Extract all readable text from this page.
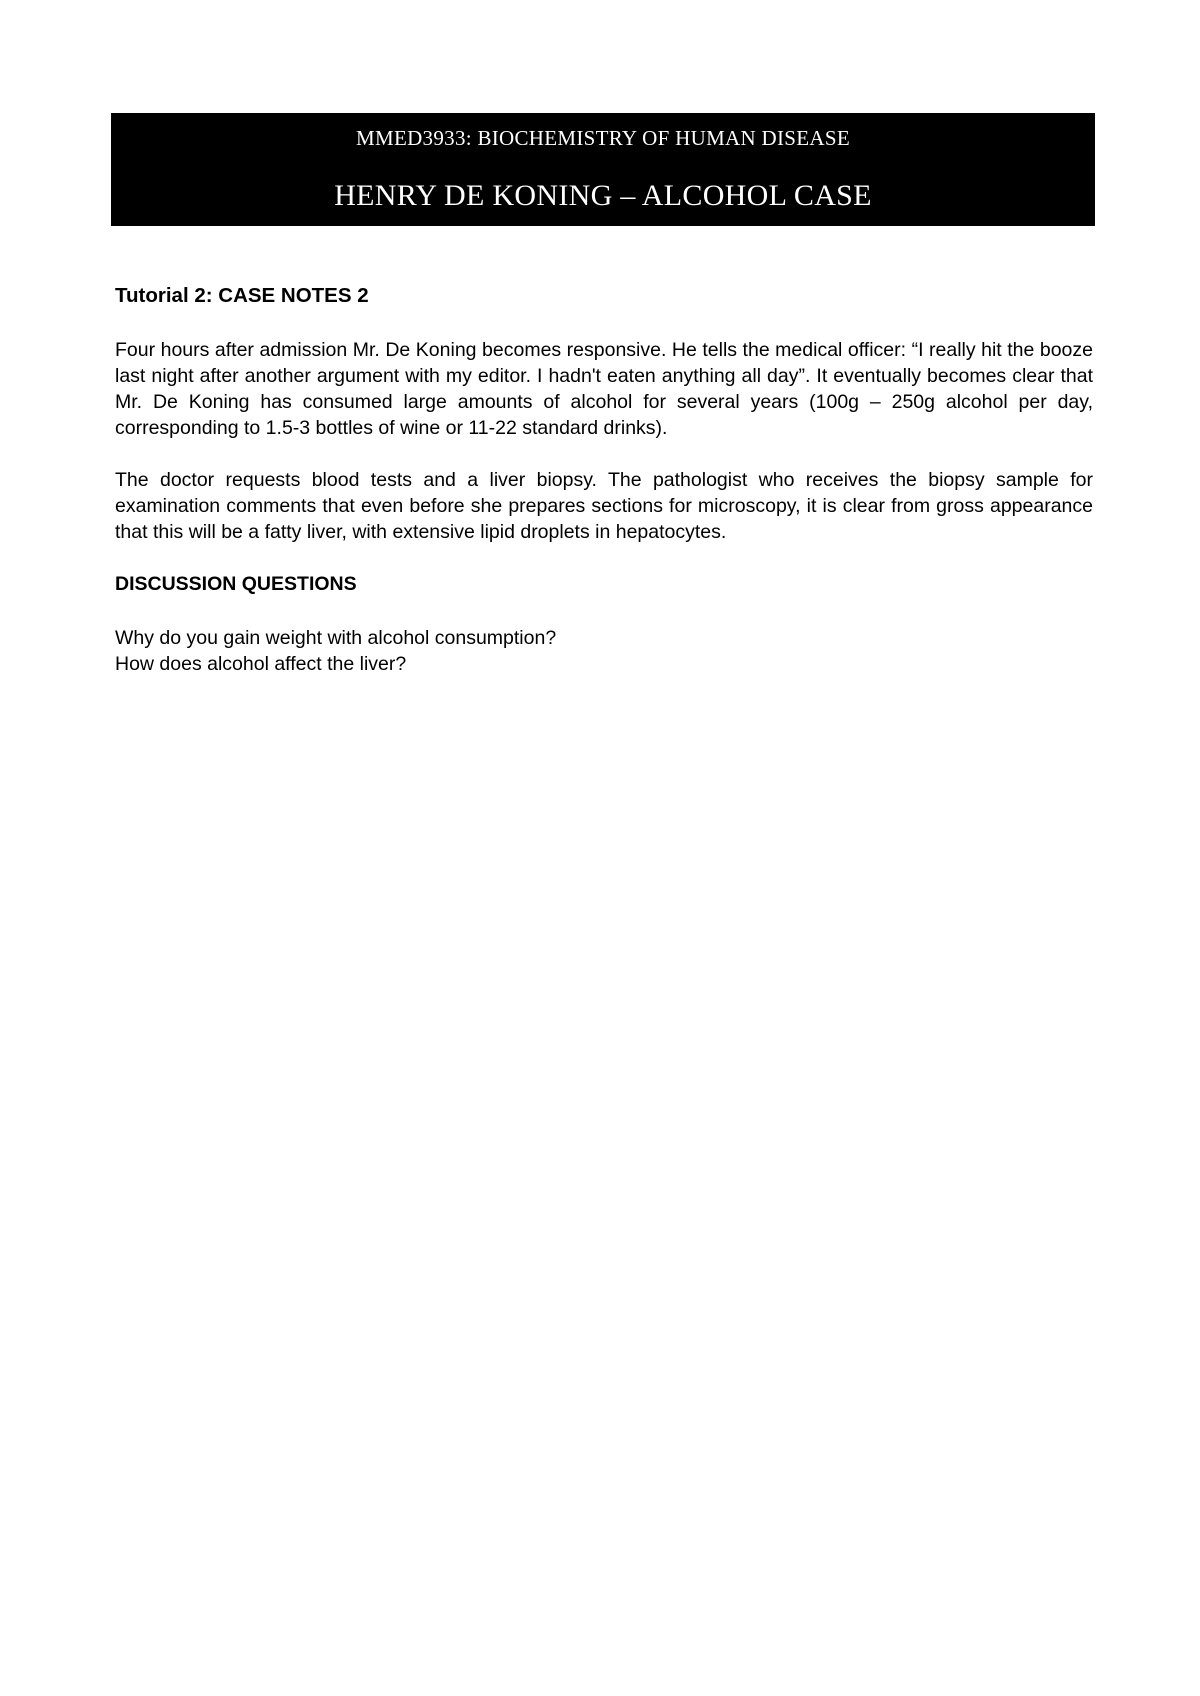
MMED3933: BIOCHEMISTRY OF HUMAN DISEASE
HENRY DE KONING – ALCOHOL CASE

Tutorial 2: CASE NOTES 2

Four hours after admission Mr. De Koning becomes responsive. He tells the medical officer: “I really hit the booze last night after another argument with my editor. I hadn't eaten anything all day”. It eventually becomes clear that Mr. De Koning has consumed large amounts of alcohol for several years (100g – 250g alcohol per day, corresponding to 1.5-3 bottles of wine or 11-22 standard drinks).

The doctor requests blood tests and a liver biopsy. The pathologist who receives the biopsy sample for examination comments that even before she prepares sections for microscopy, it is clear from gross appearance that this will be a fatty liver, with extensive lipid droplets in hepatocytes.

DISCUSSION QUESTIONS

Why do you gain weight with alcohol consumption?

How does alcohol affect the liver?
